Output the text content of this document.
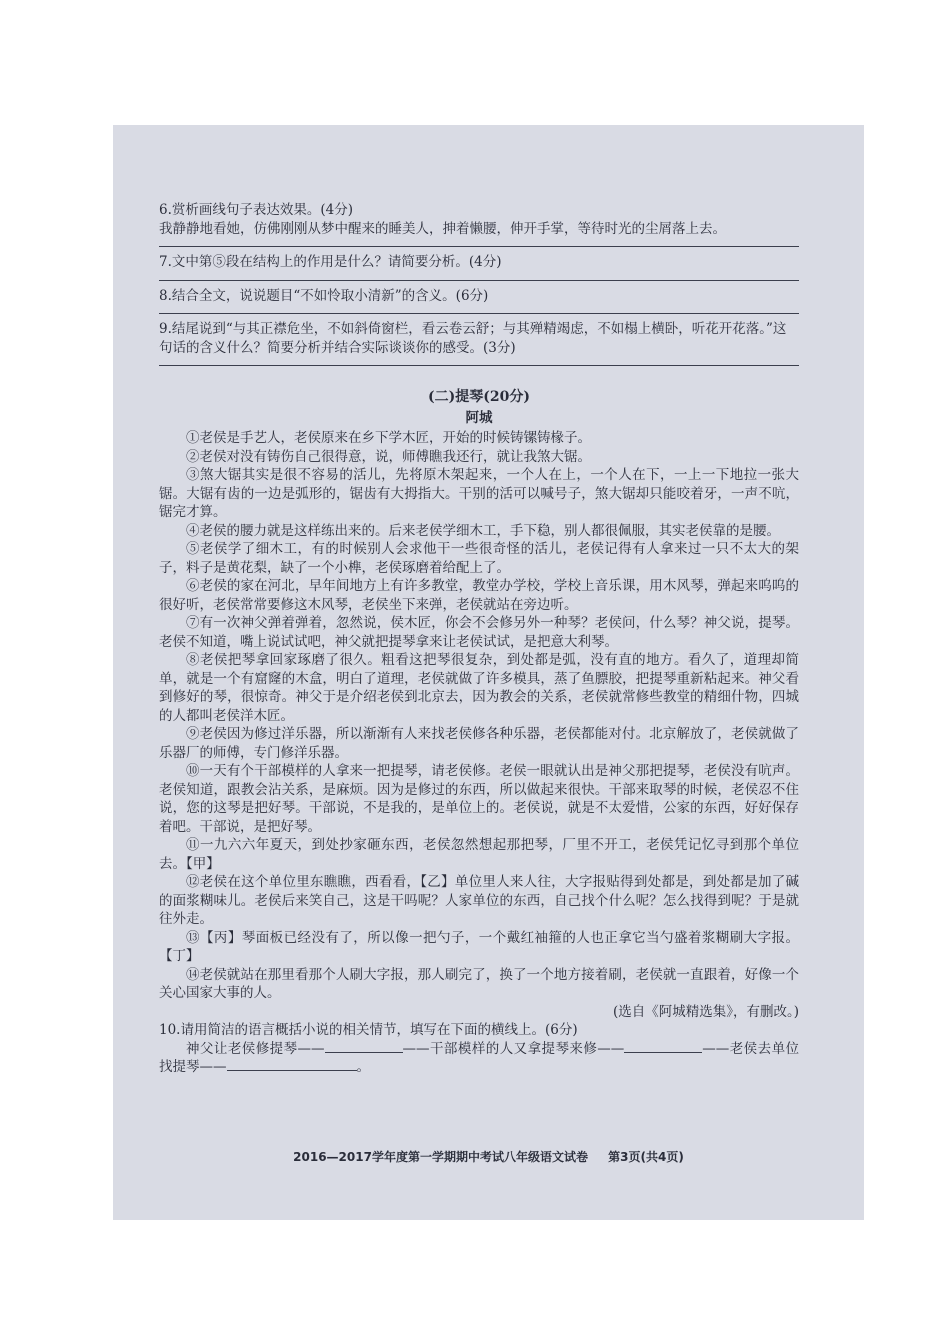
6.赏析画线句子表达效果。(4分)

我静静地看她，仿佛刚刚从梦中醒来的睡美人，抻着懒腰，伸开手掌，等待时光的尘屑落上去。

7.文中第⑤段在结构上的作用是什么？请简要分析。(4分)

8.结合全文，说说题目“不如怜取小清新”的含义。(6分)

9.结尾说到“与其正襟危坐，不如斜倚窗栏，看云卷云舒；与其殚精竭虑，不如榻上横卧，听花开花落。”这句话的含义什么？简要分析并结合实际谈谈你的感受。(3分)

(二)提琴(20分)
阿城

①老侯是手艺人，老侯原来在乡下学木匠，开始的时候铸镙铸椽子。

②老侯对没有铸伤自己很得意，说，师傅瞧我还行，就让我煞大锯。

③煞大锯其实是很不容易的活儿，先将原木架起来，一个人在上，一个人在下，一上一下地拉一张大锯。大锯有齿的一边是弧形的，锯齿有大拇指大。干别的活可以喊号子，煞大锯却只能咬着牙，一声不吭，锯完才算。

④老侯的腰力就是这样练出来的。后来老侯学细木工，手下稳，别人都很佩服，其实老侯靠的是腰。

⑤老侯学了细木工，有的时候别人会求他干一些很奇怪的活儿，老侯记得有人拿来过一只不太大的架子，料子是黄花梨，缺了一个小榫，老侯琢磨着给配上了。

⑥老侯的家在河北，早年间地方上有许多教堂，教堂办学校，学校上音乐课，用木风琴，弹起来呜呜的很好听，老侯常常要修这木风琴，老侯坐下来弹，老侯就站在旁边听。

⑦有一次神父弹着弹着，忽然说，侯木匠，你会不会修另外一种琴？老侯问，什么琴？神父说，提琴。老侯不知道，嘴上说试试吧，神父就把提琴拿来让老侯试试，是把意大利琴。

⑧老侯把琴拿回家琢磨了很久。粗看这把琴很复杂，到处都是弧，没有直的地方。看久了，道理却简单，就是一个有窟窿的木盒，明白了道理，老侯就做了许多模具，蒸了鱼膘胶，把提琴重新粘起来。神父看到修好的琴，很惊奇。神父于是介绍老侯到北京去，因为教会的关系，老侯就常修些教堂的精细什物，四城的人都叫老侯洋木匠。

⑨老侯因为修过洋乐器，所以渐渐有人来找老侯修各种乐器，老侯都能对付。北京解放了，老侯就做了乐器厂的师傅，专门修洋乐器。

⑩一天有个干部模样的人拿来一把提琴，请老侯修。老侯一眼就认出是神父那把提琴，老侯没有吭声。老侯知道，跟教会沾关系，是麻烦。因为是修过的东西，所以做起来很快。干部来取琴的时候，老侯忍不住说，您的这琴是把好琴。干部说，不是我的，是单位上的。老侯说，就是不太爱惜，公家的东西，好好保存着吧。干部说，是把好琴。

⑪一九六六年夏天，到处抄家砸东西，老侯忽然想起那把琴，厂里不开工，老侯凭记忆寻到那个单位去。【甲】

⑫老侯在这个单位里东瞧瞧，西看看，【乙】单位里人来人往，大字报贴得到处都是，到处都是加了碱的面浆糊味儿。老侯后来笑自己，这是干吗呢？人家单位的东西，自己找个什么呢？怎么找得到呢？于是就往外走。

⑬【丙】琴面板已经没有了，所以像一把勺子，一个戴红袖箍的人也正拿它当勺盛着浆糊刷大字报。【丁】

⑭老侯就站在那里看那个人刷大字报，那人刷完了，换了一个地方接着刷，老侯就一直跟着，好像一个关心国家大事的人。

(选自《阿城精选集》，有删改。)

10.请用简洁的语言概括小说的相关情节，填写在下面的横线上。(6分)

神父让老侯修提琴——	——干部模样的人又拿提琴来修——	——老侯去单位找提琴——	。

2016—2017学年度第一学期期中考试八年级语文试卷 第3页(共4页)
